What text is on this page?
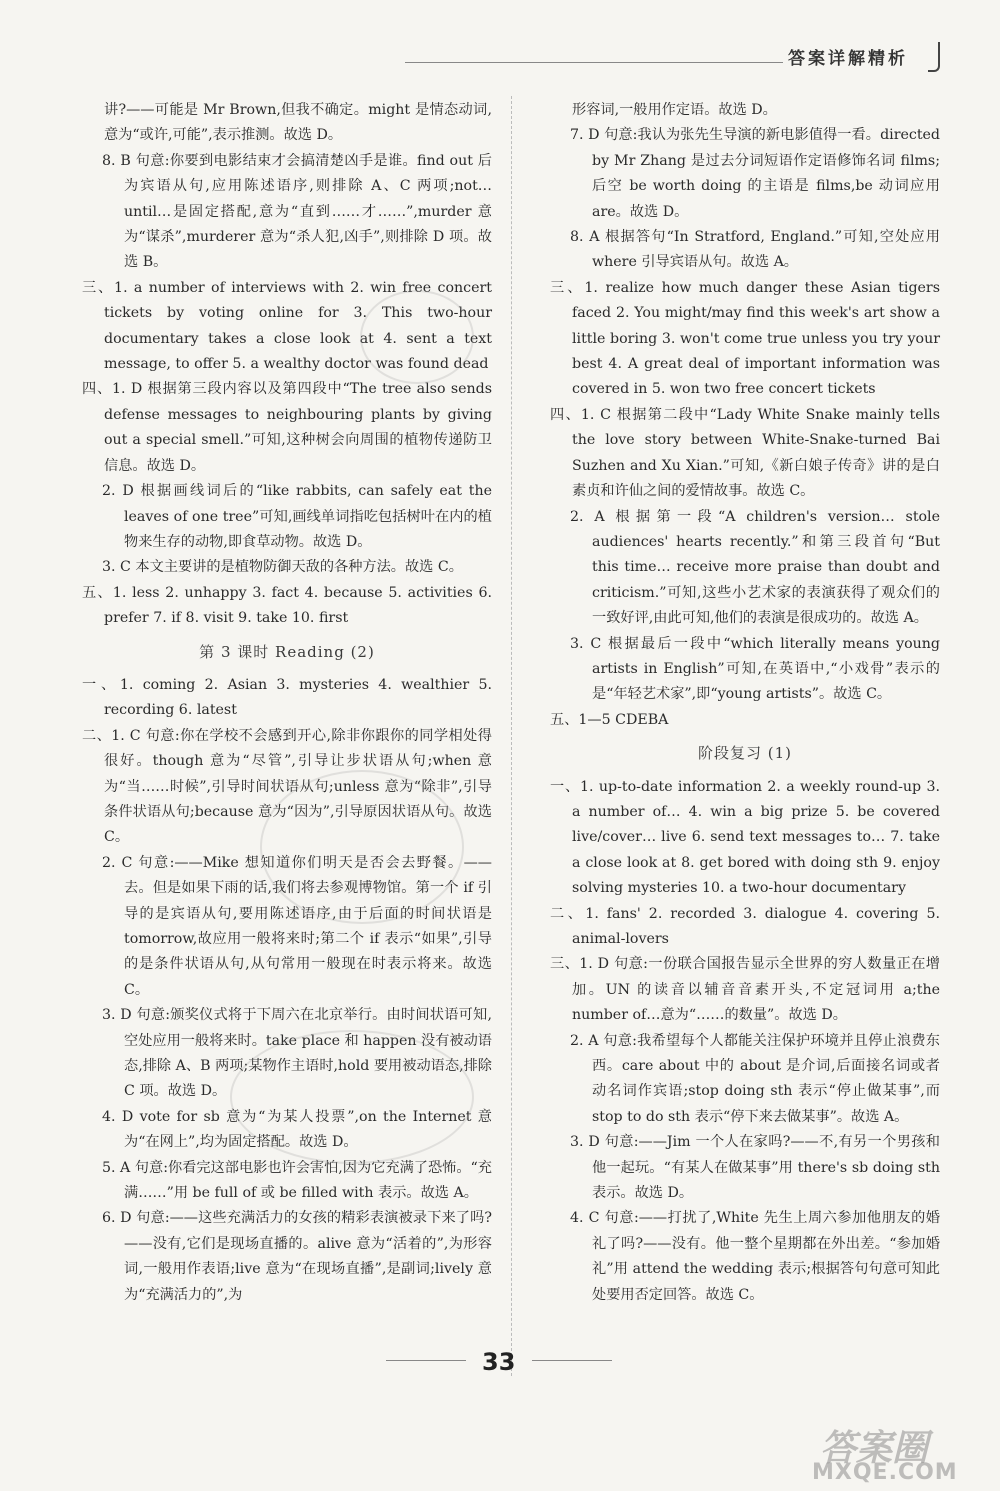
答案详解精析
讲?——可能是 Mr Brown,但我不确定。might 是情态动词,意为“或许,可能”,表示推测。故选 D。
8. B 句意:你要到电影结束才会搞清楚凶手是谁。find out 后为宾语从句,应用陈述语序,则排除 A、C 两项;not… until…是固定搭配,意为“直到……才……”,murder 意为“谋杀”,murderer 意为“杀人犯,凶手”,则排除 D 项。故选 B。
三、1. a number of interviews with 2. win free concert tickets by voting online for 3. This two-hour documentary takes a close look at 4. sent a text message, to offer 5. a wealthy doctor was found dead
四、1. D 根据第三段内容以及第四段中“The tree also sends defense messages to neighbouring plants by giving out a special smell.”可知,这种树会向周围的植物传递防卫信息。故选 D。
2. D 根据画线词后的“like rabbits, can safely eat the leaves of one tree”可知,画线单词指吃包括树叶在内的植物来生存的动物,即食草动物。故选 D。
3. C 本文主要讲的是植物防御天敌的各种方法。故选 C。
五、1. less 2. unhappy 3. fact 4. because 5. activities 6. prefer 7. if 8. visit 9. take 10. first
第 3 课时 Reading (2)
一、1. coming 2. Asian 3. mysteries 4. wealthier 5. recording 6. latest
二、1. C 句意:你在学校不会感到开心,除非你跟你的同学相处得很好。though 意为“尽管”,引导让步状语从句;when 意为“当……时候”,引导时间状语从句;unless 意为“除非”,引导条件状语从句;because 意为“因为”,引导原因状语从句。故选 C。
2. C 句意:——Mike 想知道你们明天是否会去野餐。——去。但是如果下雨的话,我们将去参观博物馆。第一个 if 引导的是宾语从句,要用陈述语序,由于后面的时间状语是 tomorrow,故应用一般将来时;第二个 if 表示“如果”,引导的是条件状语从句,从句常用一般现在时表示将来。故选 C。
3. D 句意:颁奖仪式将于下周六在北京举行。由时间状语可知,空处应用一般将来时。take place 和 happen 没有被动语态,排除 A、B 两项;某物作主语时,hold 要用被动语态,排除 C 项。故选 D。
4. D vote for sb 意为“为某人投票”,on the Internet 意为“在网上”,均为固定搭配。故选 D。
5. A 句意:你看完这部电影也许会害怕,因为它充满了恐怖。“充满……”用 be full of 或 be filled with 表示。故选 A。
6. D 句意:——这些充满活力的女孩的精彩表演被录下来了吗?——没有,它们是现场直播的。alive 意为“活着的”,为形容词,一般用作表语;live 意为“在现场直播”,是副词;lively 意为“充满活力的”,为
形容词,一般用作定语。故选 D。
7. D 句意:我认为张先生导演的新电影值得一看。directed by Mr Zhang 是过去分词短语作定语修饰名词 films;后空 be worth doing 的主语是 films,be 动词应用 are。故选 D。
8. A 根据答句“In Stratford, England.”可知,空处应用 where 引导宾语从句。故选 A。
三、1. realize how much danger these Asian tigers faced 2. You might/may find this week's art show a little boring 3. won't come true unless you try your best 4. A great deal of important information was covered in 5. won two free concert tickets
四、1. C 根据第二段中“Lady White Snake mainly tells the love story between White-Snake-turned Bai Suzhen and Xu Xian.”可知,《新白娘子传奇》讲的是白素贞和许仙之间的爱情故事。故选 C。
2. A 根据第一段“A children's version… stole audiences' hearts recently.”和第三段首句“But this time… receive more praise than doubt and criticism.”可知,这些小艺术家的表演获得了观众们的一致好评,由此可知,他们的表演是很成功的。故选 A。
3. C 根据最后一段中“which literally means young artists in English”可知,在英语中,“小戏骨”表示的是“年轻艺术家”,即“young artists”。故选 C。
五、1—5 CDEBA
阶段复习 (1)
一、1. up-to-date information 2. a weekly round-up 3. a number of… 4. win a big prize 5. be covered live/cover… live 6. send text messages to… 7. take a close look at 8. get bored with doing sth 9. enjoy solving mysteries 10. a two-hour documentary
二、1. fans' 2. recorded 3. dialogue 4. covering 5. animal-lovers
三、1. D 句意:一份联合国报告显示全世界的穷人数量正在增加。UN 的读音以辅音音素开头,不定冠词用 a;the number of…意为“……的数量”。故选 D。
2. A 句意:我希望每个人都能关注保护环境并且停止浪费东西。care about 中的 about 是介词,后面接名词或者动名词作宾语;stop doing sth 表示“停止做某事”,而 stop to do sth 表示“停下来去做某事”。故选 A。
3. D 句意:——Jim 一个人在家吗?——不,有另一个男孩和他一起玩。“有某人在做某事”用 there's sb doing sth 表示。故选 D。
4. C 句意:——打扰了,White 先生上周六参加他朋友的婚礼了吗?——没有。他一整个星期都在外出差。“参加婚礼”用 attend the wedding 表示;根据答句句意可知此处要用否定回答。故选 C。
33
答案圈
MXQE.COM
